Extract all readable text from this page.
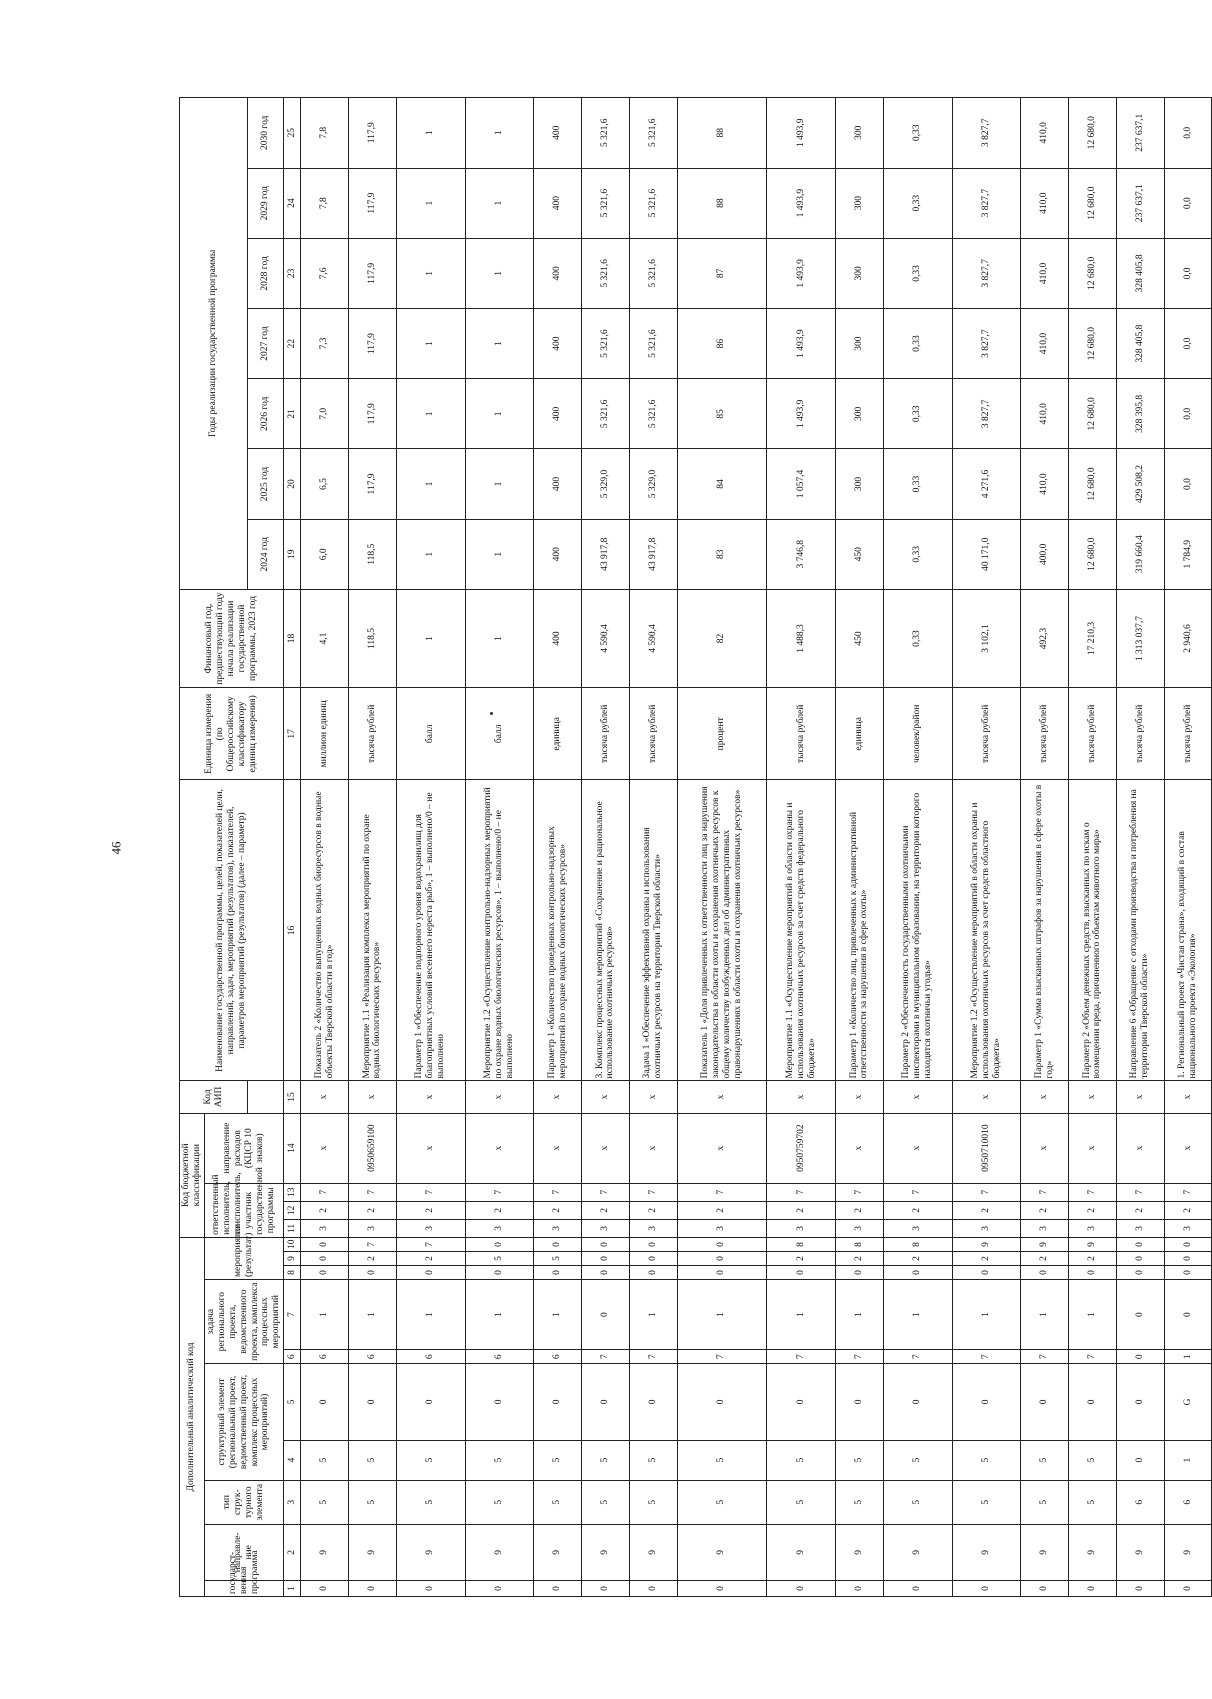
46
Дополнительный аналитический код										Код бюджетной классификации				Код АИП	Наименование государственной программы, целей, показателей цели, направлений, задач, мероприятий (результатов), показателей, параметров мероприятий (результатов) (далее – параметр)	Единица измерения (по Общероссийскому классификатору единиц измерения)	Финансовый год, предшествующий году начала реализации государственной программы, 2023 год	Годы реализации государственной программы						
государст-венная программа	направле-ние	тип струк-турного элемента	структурный элемент (региональный проект, ведомственный проект, комплекс процессных мероприятий)		задача регионального проекта, ведомственного проекта, комплекса процессных мероприятий		мероприятие (результат)			ответственный исполнитель, соисполнитель, участник государственной программы			направление расходов (КЦСР 10 знаков)											
																		2024 год	2025 год	2026 год	2027 год	2028 год	2029 год	2030 год
1	2	3	4	5	6	7	8	9	10	11	12	13	14	15	16	17	18	19	20	21	22	23	24	25
0	9	5	5	0	6	1	0	0	0	3	2	7	x	x	Показатель 2 «Количество выпущенных водных биоресурсов в водные объекты Тверской области в год»	миллион единиц	4,1	6,0	6,5	7,0	7,3	7,6	7,8	7,8
0	9	5	5	0	6	1	0	2	7	3	2	7	0950659100	x	Мероприятие 1.1 «Реализация комплекса мероприятий по охране водных биологических ресурсов»	тысяча рублей	118,5	118,5	117,9	117,9	117,9	117,9	117,9	117,9
0	9	5	5	0	6	1	0	2	7	3	2	7	x	x	Параметр 1 «Обеспечение подпорного уровня водохранилищ для благоприятных условий весеннего нереста рыб», 1 – выполнено/0 – не выполнено	балл	1	1	1	1	1	1	1	1
0	9	5	5	0	6	1	0	5	0	3	2	7	x	x	Мероприятие 1.2 «Осуществление контрольно-надзорных мероприятий по охране водных биологических ресурсов», 1 – выполнено/0 – не выполнено	балл	1	1	1	1	1	1	1	1
0	9	5	5	0	6	1	0	5	0	3	2	7	x	x	Параметр 1 «Количество проведенных контрольно-надзорных мероприятий по охране водных биологических ресурсов»	единица	400	400	400	400	400	400	400	400
0	9	5	5	0	7	0	0	0	0	3	2	7	x	x	3. Комплекс процессных мероприятий «Сохранение и рациональное использование охотничьих ресурсов»	тысяча рублей	4 590,4	43 917,8	5 329,0	5 321,6	5 321,6	5 321,6	5 321,6	5 321,6
0	9	5	5	0	7	1	0	0	0	3	2	7	x	x	Задача 1 «Обеспечение эффективной охраны и использования охотничьих ресурсов на территории Тверской области»	тысяча рублей	4 590,4	43 917,8	5 329,0	5 321,6	5 321,6	5 321,6	5 321,6	5 321,6
0	9	5	5	0	7	1	0	0	0	3	2	7	x	x	Показатель 1 «Доля привлеченных к ответственности лиц за нарушения законодательства в области охоты и сохранения охотничьих ресурсов к общему количеству возбужденных дел об административных правонарушениях в области охоты и сохранения охотничьих ресурсов»	процент	82	83	84	85	86	87	88	88
0	9	5	5	0	7	1	0	2	8	3	2	7	0950759702	x	Мероприятие 1.1 «Осуществление мероприятий в области охраны и использования охотничьих ресурсов за счет средств федерального бюджета»	тысяча рублей	1 488,3	3 746,8	1 057,4	1 493,9	1 493,9	1 493,9	1 493,9	1 493,9
0	9	5	5	0	7	1	0	2	8	3	2	7	x	x	Параметр 1 «Количество лиц, привлеченных к административной ответственности за нарушения в сфере охоты»	единица	450	450	300	300	300	300	300	300
0	9	5	5	0	7	1	0	2	8	3	2	7	x	x	Параметр 2 «Обеспеченность государственными охотничьими инспекторами в муниципальном образовании, на территории которого находятся охотничьи угодья»	человек/район	0,33	0,33	0,33	0,33	0,33	0,33	0,33	0,33
0	9	5	5	0	7	1	0	2	9	3	2	7	0950710010	x	Мероприятие 1.2 «Осуществление мероприятий в области охраны и использования охотничьих ресурсов за счет средств областного бюджета»	тысяча рублей	3 102,1	40 171,0	4 271,6	3 827,7	3 827,7	3 827,7	3 827,7	3 827,7
0	9	5	5	0	7	1	0	2	9	3	2	7	x	x	Параметр 1 «Сумма взысканных штрафов за нарушения в сфере охоты в год»	тысяча рублей	492,3	400,0	410,0	410,0	410,0	410,0	410,0	410,0
0	9	5	5	0	7	1	0	2	9	3	2	7	x	x	Параметр 2 «Объем денежных средств, взысканных по искам о возмещении вреда, причиненного объектам животного мира»	тысяча рублей	17 210,3	12 680,0	12 680,0	12 680,0	12 680,0	12 680,0	12 680,0	12 680,0
0	9	6	0	0	0	0	0	0	0	3	2	7	x	x	Направление 6 «Обращение с отходами производства и потребления на территории Тверской области»	тысяча рублей	1 313 037,7	319 660,4	429 508,2	328 395,8	328 405,8	328 405,8	237 637,1	237 637,1
0	9	6	1	G	1	0	0	0	0	3	2	7	x	x	1. Региональный проект «Чистая страна», входящий в состав национального проекта «Экология»	тысяча рублей	2 940,6	1 784,9	0,0	0,0	0,0	0,0	0,0	0,0
